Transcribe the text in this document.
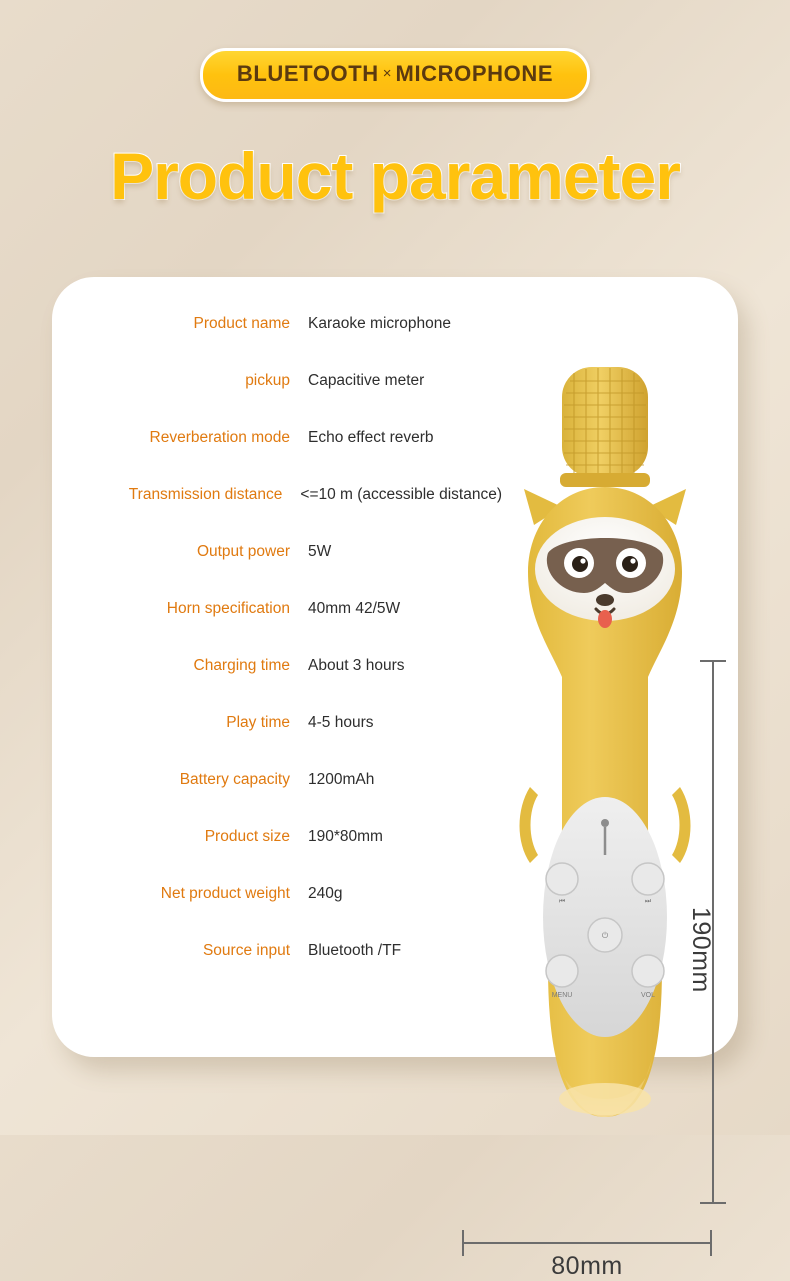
BLUETOOTH × MICROPHONE
Product parameter
Product name	Karaoke microphone
pickup	Capacitive meter
Reverberation mode	Echo effect reverb
Transmission distance	<=10 m (accessible distance)
Output power	5W
Horn specification	40mm 42/5W
Charging time	About 3 hours
Play time	4-5 hours
Battery capacity	1200mAh
Product size	190*80mm
Net product weight	240g
Source input	Bluetooth /TF
⏮	⏭
MENU	VOL
⏻	190mm
80mm
